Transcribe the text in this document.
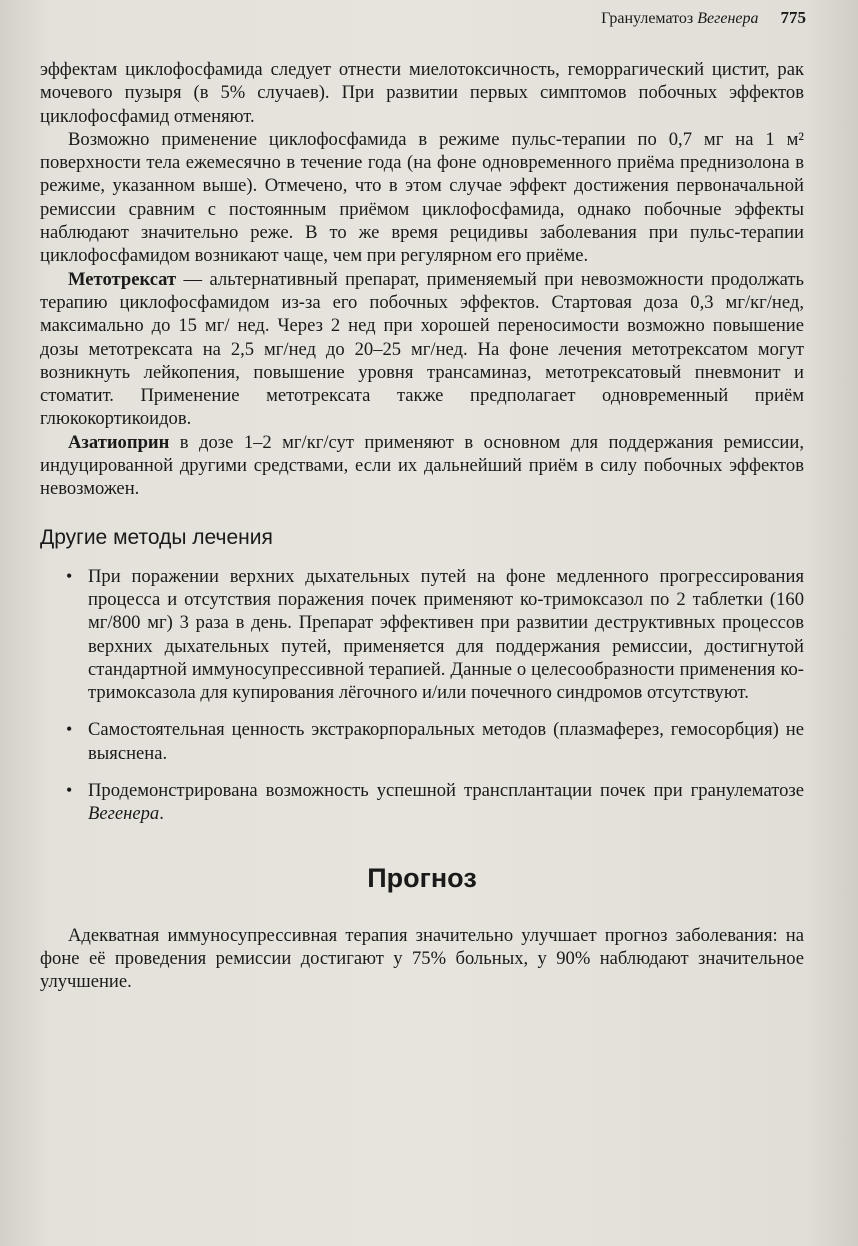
Гранулематоз Вегенера 775

эффектам циклофосфамида следует отнести миелотоксичность, геморрагический цистит, рак мочевого пузыря (в 5% случаев). При развитии первых симптомов побочных эффектов циклофосфамид отменяют.

Возможно применение циклофосфамида в режиме пульс-терапии по 0,7 мг на 1 м² поверхности тела ежемесячно в течение года (на фоне одновременного приёма преднизолона в режиме, указанном выше). Отмечено, что в этом случае эффект достижения первоначальной ремиссии сравним с постоянным приёмом циклофосфамида, однако побочные эффекты наблюдают значительно реже. В то же время рецидивы заболевания при пульс-терапии циклофосфамидом возникают чаще, чем при регулярном его приёме.

Метотрексат — альтернативный препарат, применяемый при невозможности продолжать терапию циклофосфамидом из-за его побочных эффектов. Стартовая доза 0,3 мг/кг/нед, максимально до 15 мг/ нед. Через 2 нед при хорошей переносимости возможно повышение дозы метотрексата на 2,5 мг/нед до 20–25 мг/нед. На фоне лечения метотрексатом могут возникнуть лейкопения, повышение уровня трансаминаз, метотрексатовый пневмонит и стоматит. Применение метотрексата также предполагает одновременный приём глюкокортикоидов.

Азатиоприн в дозе 1–2 мг/кг/сут применяют в основном для поддержания ремиссии, индуцированной другими средствами, если их дальнейший приём в силу побочных эффектов невозможен.

Другие методы лечения
• При поражении верхних дыхательных путей на фоне медленного прогрессирования процесса и отсутствия поражения почек применяют ко-тримоксазол по 2 таблетки (160 мг/800 мг) 3 раза в день. Препарат эффективен при развитии деструктивных процессов верхних дыхательных путей, применяется для поддержания ремиссии, достигнутой стандартной иммуносупрессивной терапией. Данные о целесообразности применения ко-тримоксазола для купирования лёгочного и/или почечного синдромов отсутствуют.
• Самостоятельная ценность экстракорпоральных методов (плазмаферез, гемосорбция) не выяснена.
• Продемонстрирована возможность успешной трансплантации почек при гранулематозе Вегенера.
Прогноз

Адекватная иммуносупрессивная терапия значительно улучшает прогноз заболевания: на фоне её проведения ремиссии достигают у 75% больных, у 90% наблюдают значительное улучшение.
